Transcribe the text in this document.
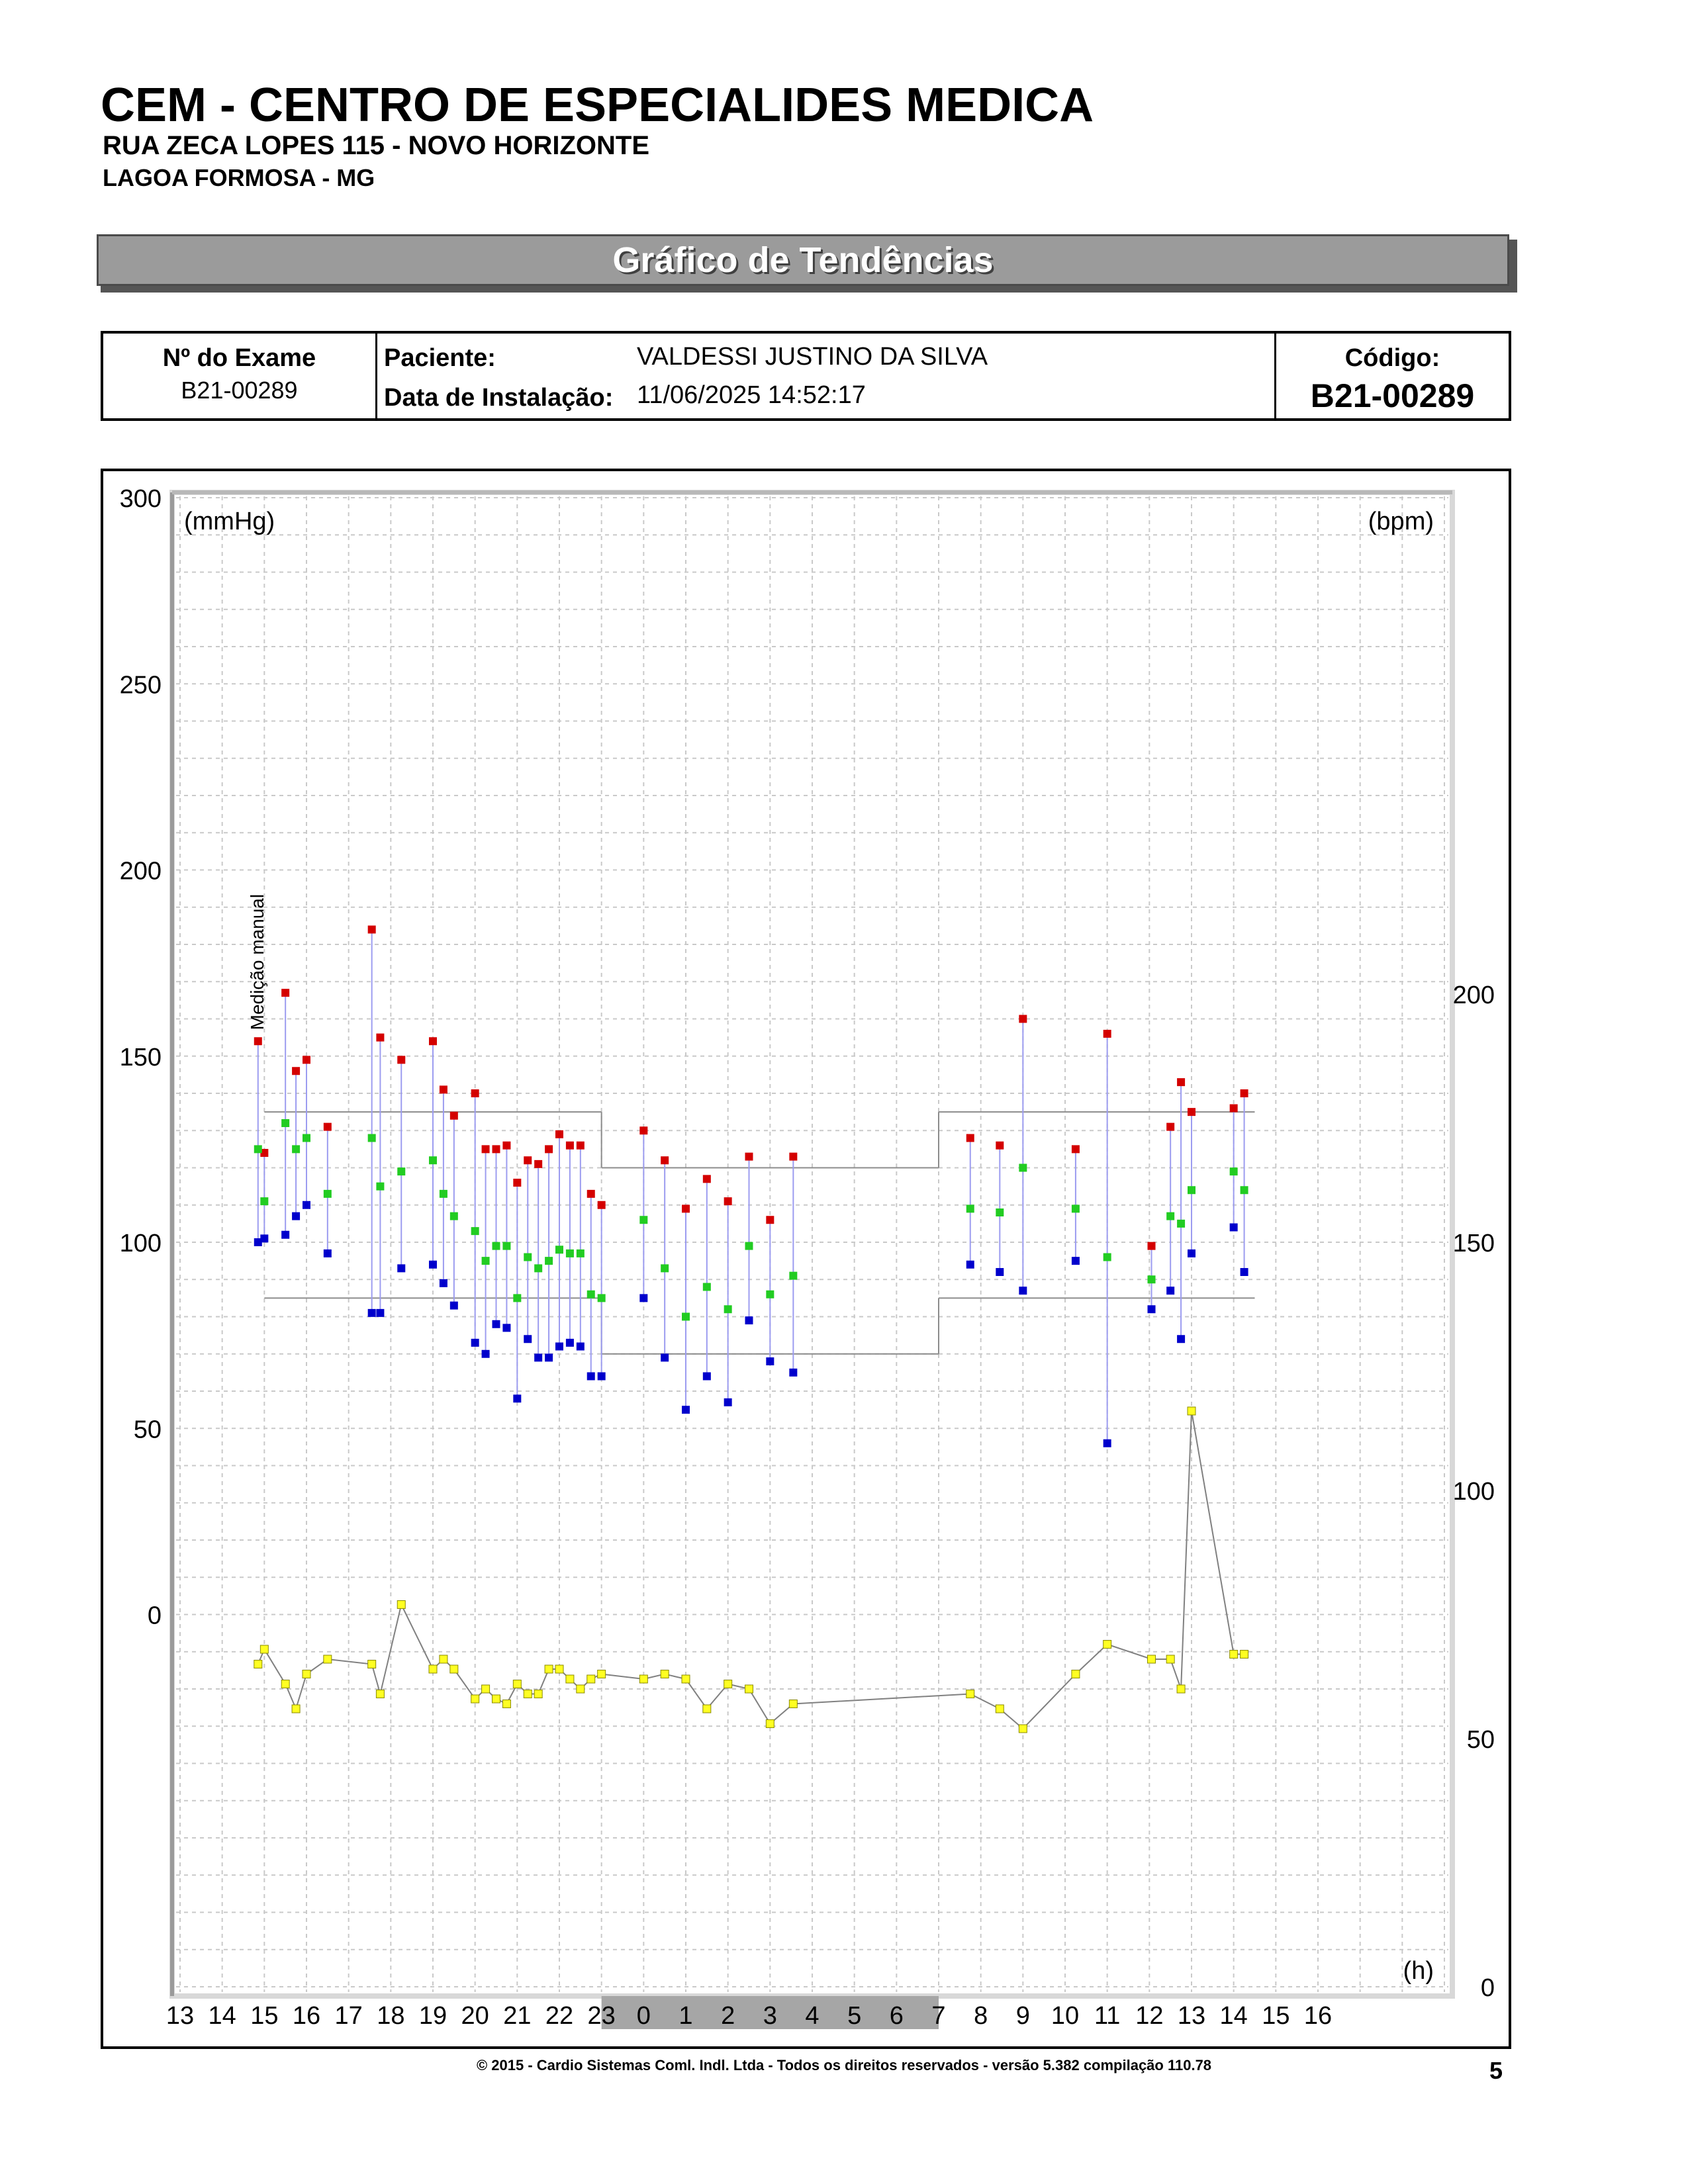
CEM - CENTRO DE ESPECIALIDES MEDICA
RUA ZECA LOPES 115 - NOVO HORIZONTE
LAGOA FORMOSA - MG
Gráfico de Tendências
Nº do Exame
B21-00289
Paciente:	VALDESSI JUSTINO DA SILVA
Data de Instalação: 11/06/2025 14:52:17
Código:
B21-00289
0
50
100
150
200
250
300
0
50
100
150
200
(mmHg)	(bpm)
(h)
13 14 15 16 17 18 19 20 21 22 23 0 1 2 3 4 5 6 7 8 9 10 11 12 13 14 15 16
Medição manual
© 2015 - Cardio Sistemas Coml. Indl. Ltda - Todos os direitos reservados - versão 5.382 compilação 110.78	5
